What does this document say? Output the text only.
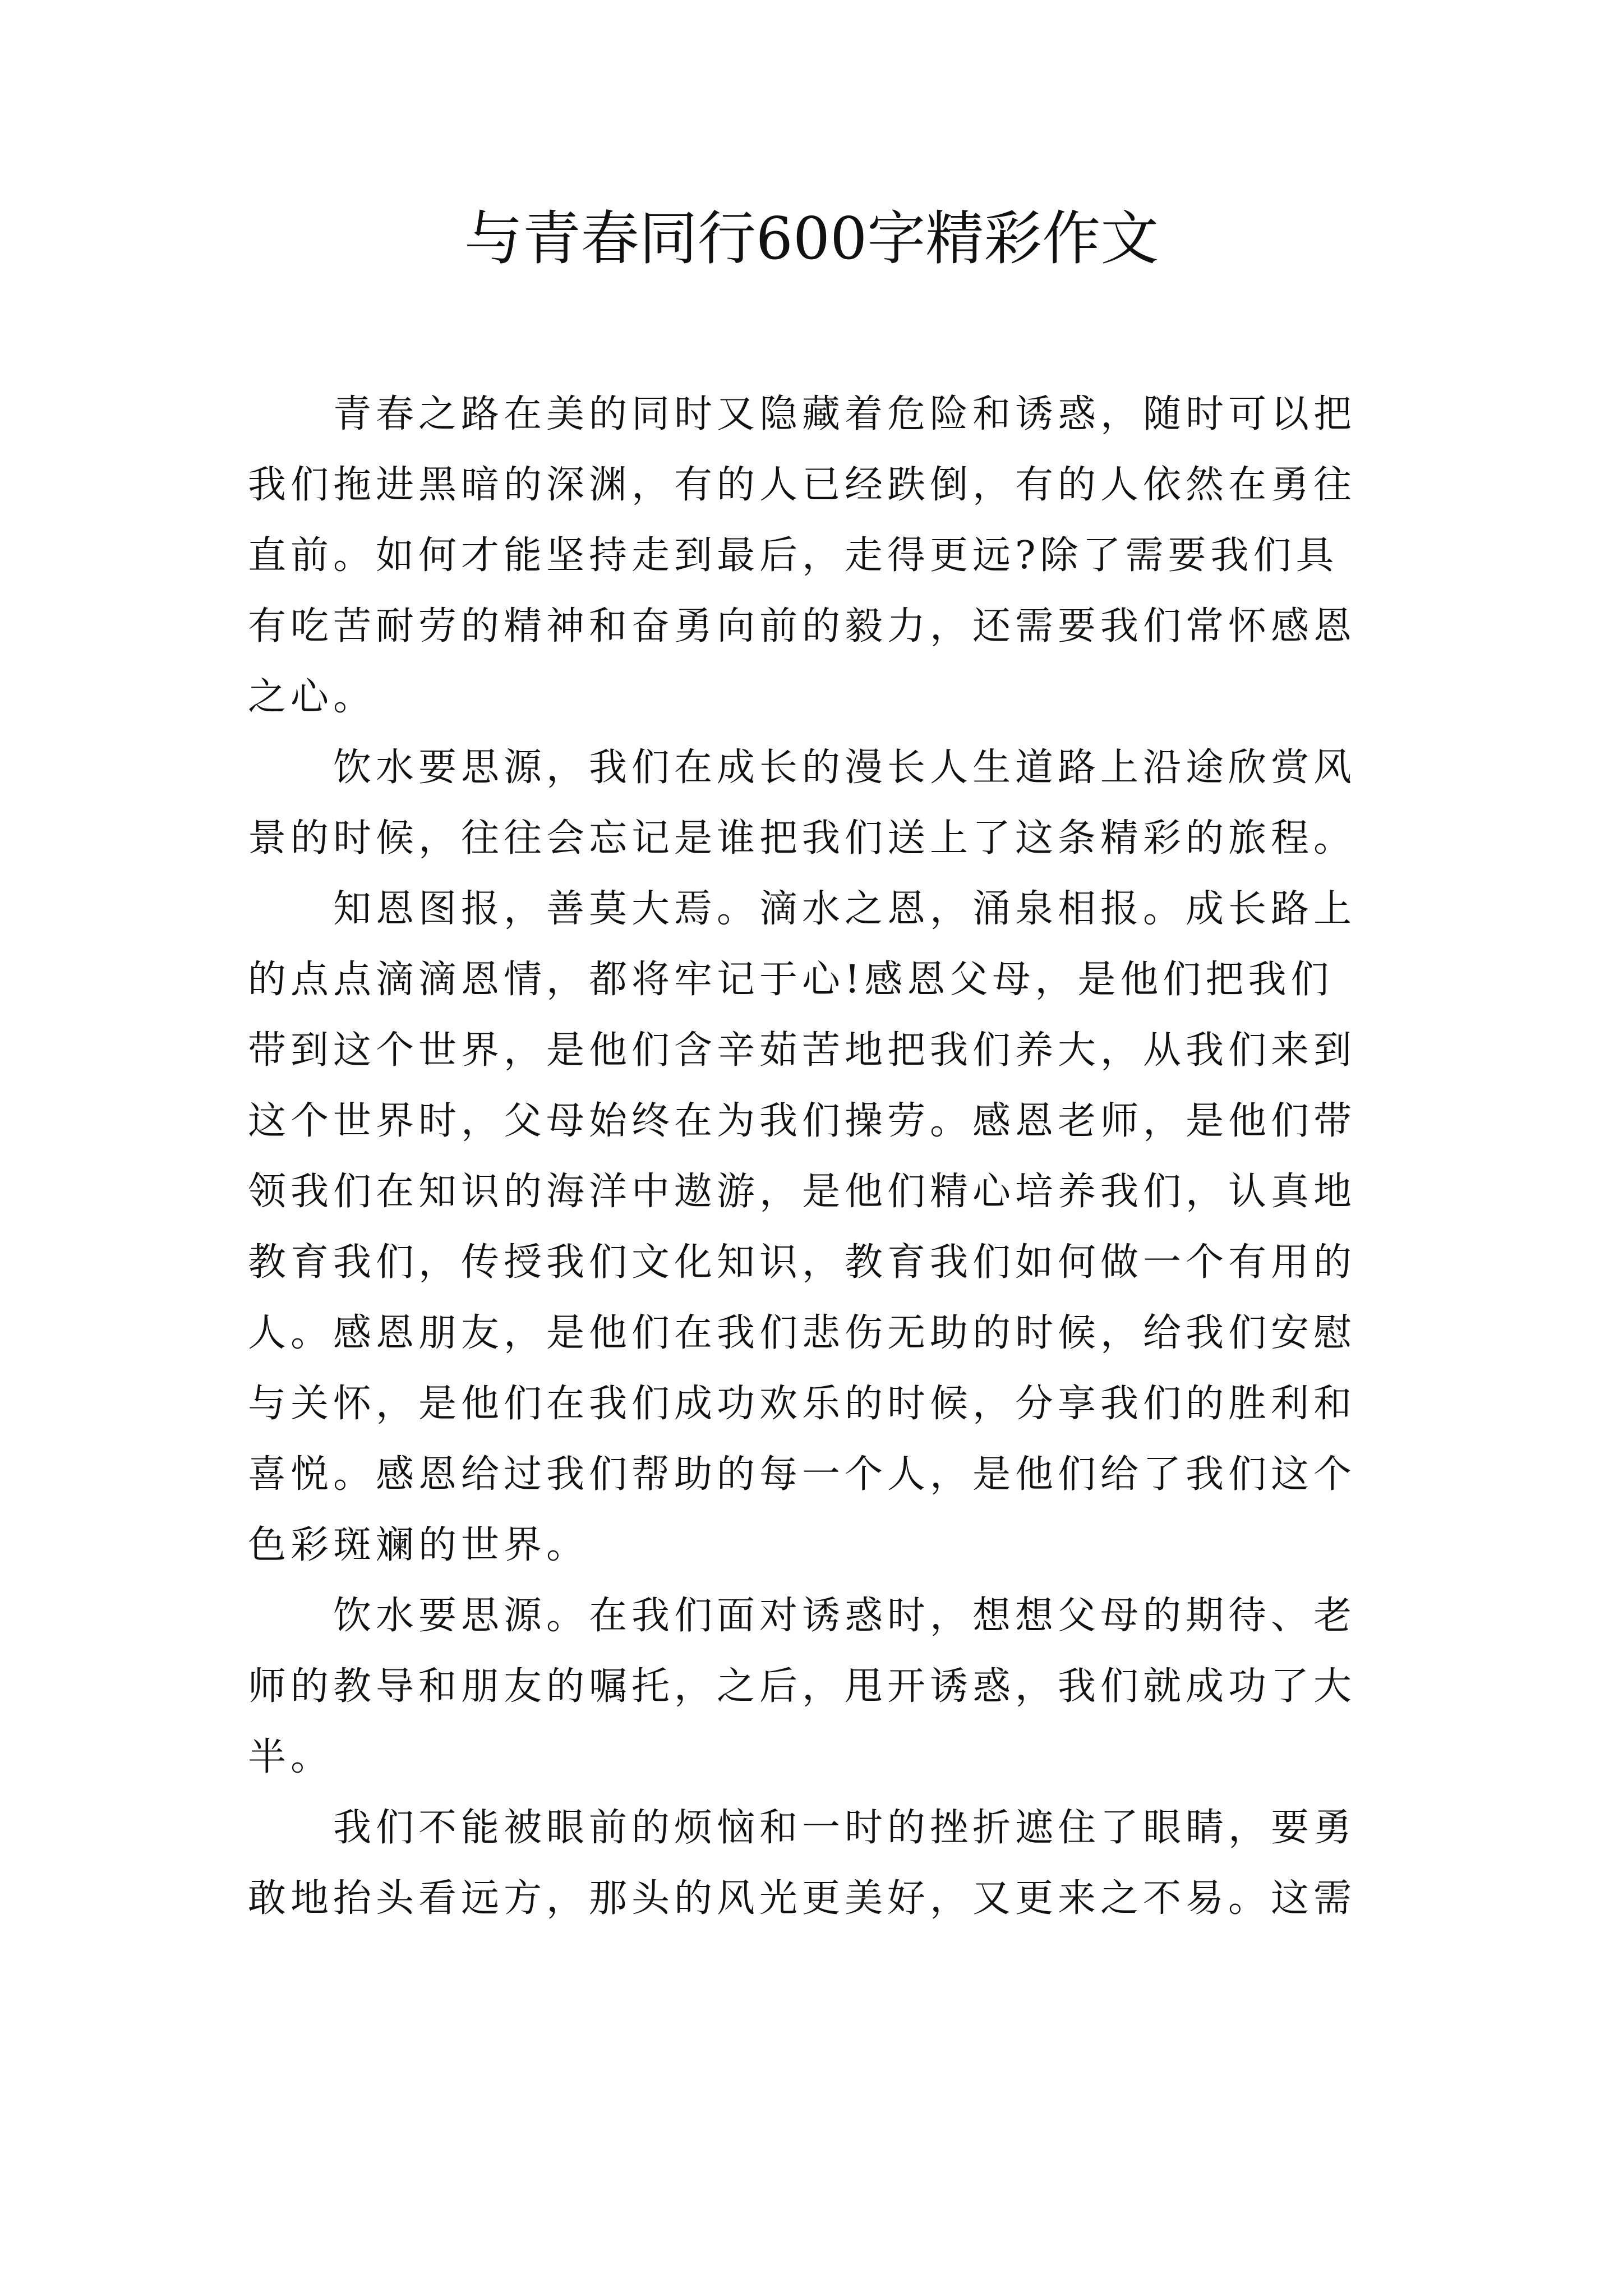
与青春同行600字精彩作文
青春之路在美的同时又隐藏着危险和诱惑，随时可以把
我们拖进黑暗的深渊，有的人已经跌倒，有的人依然在勇往
直前。如何才能坚持走到最后，走得更远?除了需要我们具
有吃苦耐劳的精神和奋勇向前的毅力，还需要我们常怀感恩
之心。
饮水要思源，我们在成长的漫长人生道路上沿途欣赏风
景的时候，往往会忘记是谁把我们送上了这条精彩的旅程。
知恩图报，善莫大焉。滴水之恩，涌泉相报。成长路上
的点点滴滴恩情，都将牢记于心!感恩父母，是他们把我们
带到这个世界，是他们含辛茹苦地把我们养大，从我们来到
这个世界时，父母始终在为我们操劳。感恩老师，是他们带
领我们在知识的海洋中遨游，是他们精心培养我们，认真地
教育我们，传授我们文化知识，教育我们如何做一个有用的
人。感恩朋友，是他们在我们悲伤无助的时候，给我们安慰
与关怀，是他们在我们成功欢乐的时候，分享我们的胜利和
喜悦。感恩给过我们帮助的每一个人，是他们给了我们这个
色彩斑斓的世界。
饮水要思源。在我们面对诱惑时，想想父母的期待、老
师的教导和朋友的嘱托，之后，甩开诱惑，我们就成功了大
半。
我们不能被眼前的烦恼和一时的挫折遮住了眼睛，要勇
敢地抬头看远方，那头的风光更美好，又更来之不易。这需
